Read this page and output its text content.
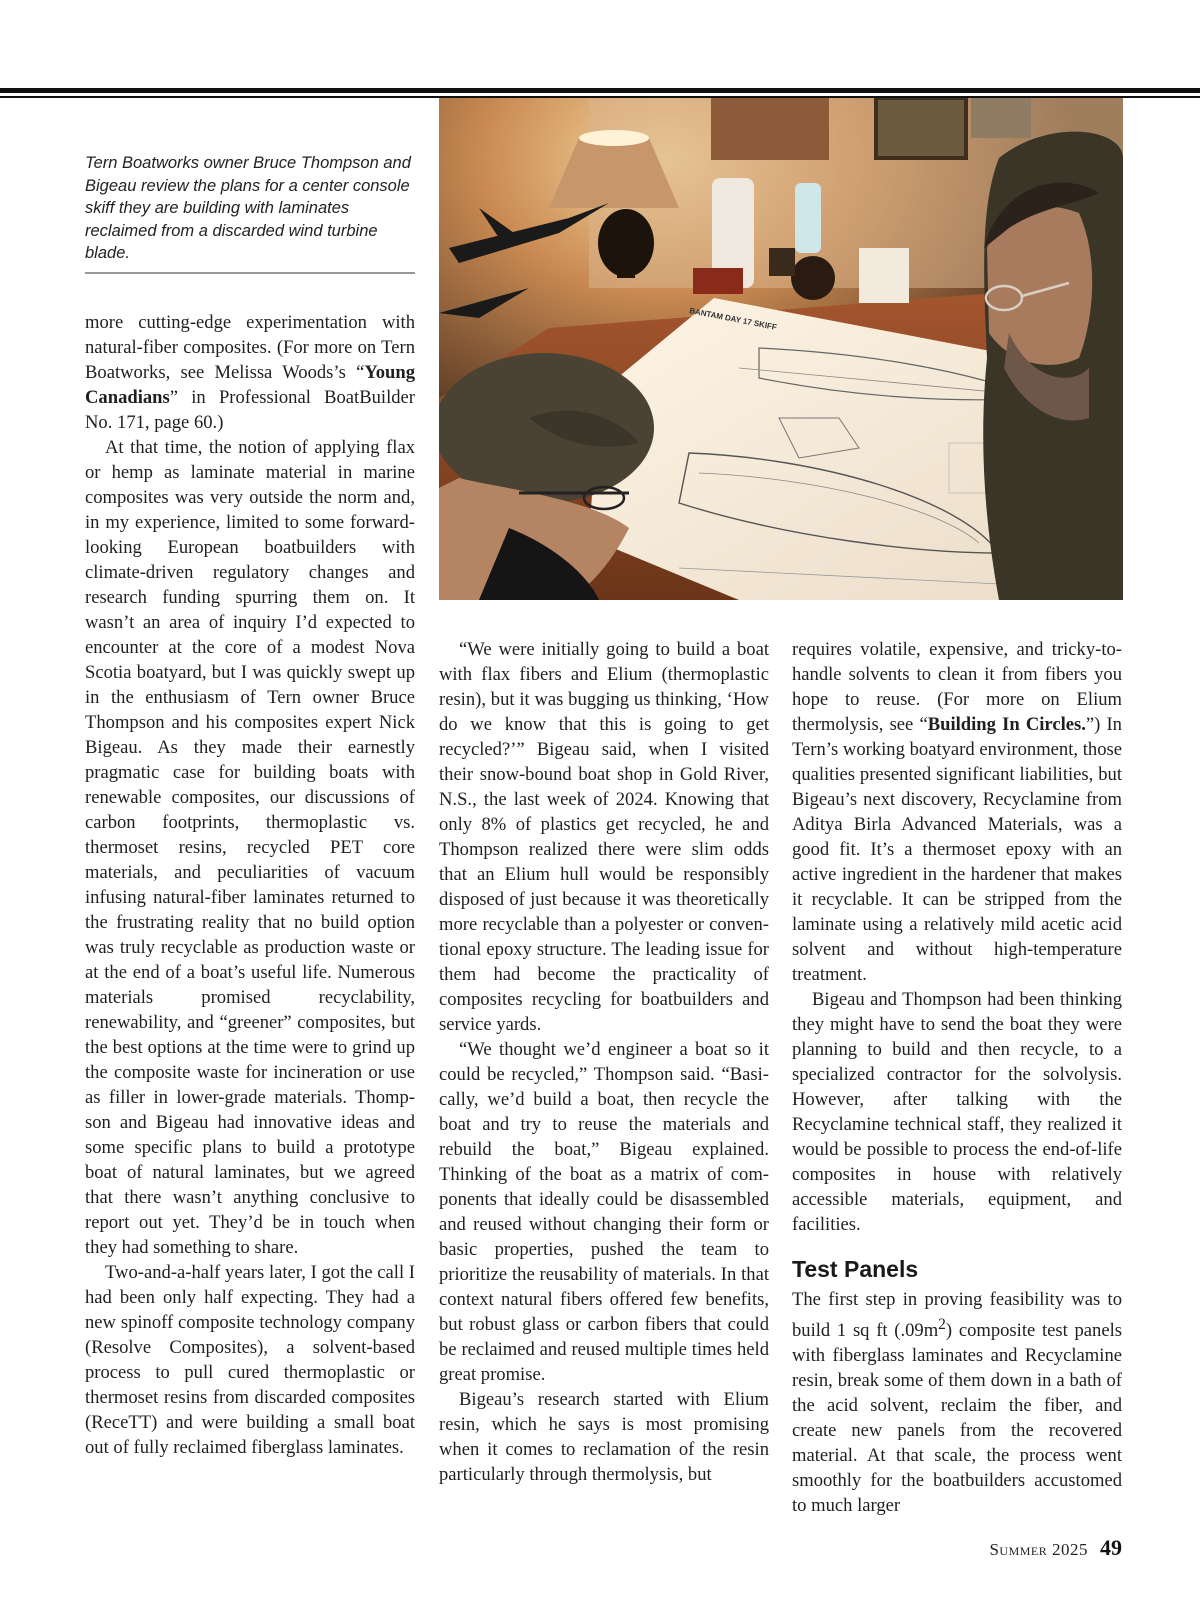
Tern Boatworks owner Bruce Thompson and Bigeau review the plans for a center console skiff they are building with laminates reclaimed from a discarded wind turbine blade.
BANTAM DAY 17 SKIFF

more cutting-edge experimentation with natural-fiber composites. (For more on Tern Boatworks, see Melissa Woods’s “Young Canadians” in Professional BoatBuilder No. 171, page 60.)

At that time, the notion of applying flax or hemp as laminate material in marine composites was very outside the norm and, in my experience, limited to some forward-looking European boatbuilders with climate-driven regulatory changes and research funding spurring them on. It wasn’t an area of inquiry I’d expected to encounter at the core of a modest Nova Scotia boatyard, but I was quickly swept up in the enthusiasm of Tern owner Bruce Thompson and his composites expert Nick Bigeau. As they made their earnestly pragmatic case for building boats with renewable composites, our discussions of carbon footprints, thermoplastic vs. thermoset resins, recycled PET core materials, and peculiarities of vacuum infusing natural-fiber laminates returned to the frustrating reality that no build option was truly recyclable as production waste or at the end of a boat’s useful life. Numerous materials promised recyclability, renewability, and “greener” composites, but the best options at the time were to grind up the composite waste for incineration or use as filler in lower-grade materials. Thompson and Bigeau had innovative ideas and some specific plans to build a prototype boat of natural laminates, but we agreed that there wasn’t anything conclusive to report out yet. They’d be in touch when they had something to share.

Two-and-a-half years later, I got the call I had been only half expecting. They had a new spinoff composite technology company (Resolve Composites), a solvent-based process to pull cured thermoplastic or thermoset resins from discarded composites (ReceTT) and were building a small boat out of fully reclaimed fiberglass laminates.

“We were initially going to build a boat with flax fibers and Elium (thermoplastic resin), but it was bugging us thinking, ‘How do we know that this is going to get recycled?’” Bigeau said, when I visited their snow-bound boat shop in Gold River, N.S., the last week of 2024. Knowing that only 8% of plastics get recycled, he and Thompson realized there were slim odds that an Elium hull would be responsibly disposed of just because it was theoretically more recyclable than a polyester or conventional epoxy structure. The leading issue for them had become the practicality of composites recycling for boatbuilders and service yards.

“We thought we’d engineer a boat so it could be recycled,” Thompson said. “Basically, we’d build a boat, then recycle the boat and try to reuse the materials and rebuild the boat,” Bigeau explained. Thinking of the boat as a matrix of components that ideally could be disassembled and reused without changing their form or basic properties, pushed the team to prioritize the reusability of materials. In that context natural fibers offered few benefits, but robust glass or carbon fibers that could be reclaimed and reused multiple times held great promise.

Bigeau’s research started with Elium resin, which he says is most promising when it comes to reclamation of the resin particularly through thermolysis, but

requires volatile, expensive, and tricky-to-handle solvents to clean it from fibers you hope to reuse. (For more on Elium thermolysis, see “Building In Circles.”) In Tern’s working boatyard environment, those qualities presented significant liabilities, but Bigeau’s next discovery, Recyclamine from Aditya Birla Advanced Materials, was a good fit. It’s a thermoset epoxy with an active ingredient in the hardener that makes it recyclable. It can be stripped from the laminate using a relatively mild acetic acid solvent and without high-temperature treatment.

Bigeau and Thompson had been thinking they might have to send the boat they were planning to build and then recycle, to a specialized contractor for the solvolysis. However, after talking with the Recyclamine technical staff, they realized it would be possible to process the end-of-life composites in house with relatively accessible materials, equipment, and facilities.

Test Panels

The first step in proving feasibility was to build 1 sq ft $(.09m^2)$ composite test panels with fiberglass laminates and Recyclamine resin, break some of them down in a bath of the acid solvent, reclaim the fiber, and create new panels from the recovered material. At that scale, the process went smoothly for the boatbuilders accustomed to much larger

Summer 2025 49
